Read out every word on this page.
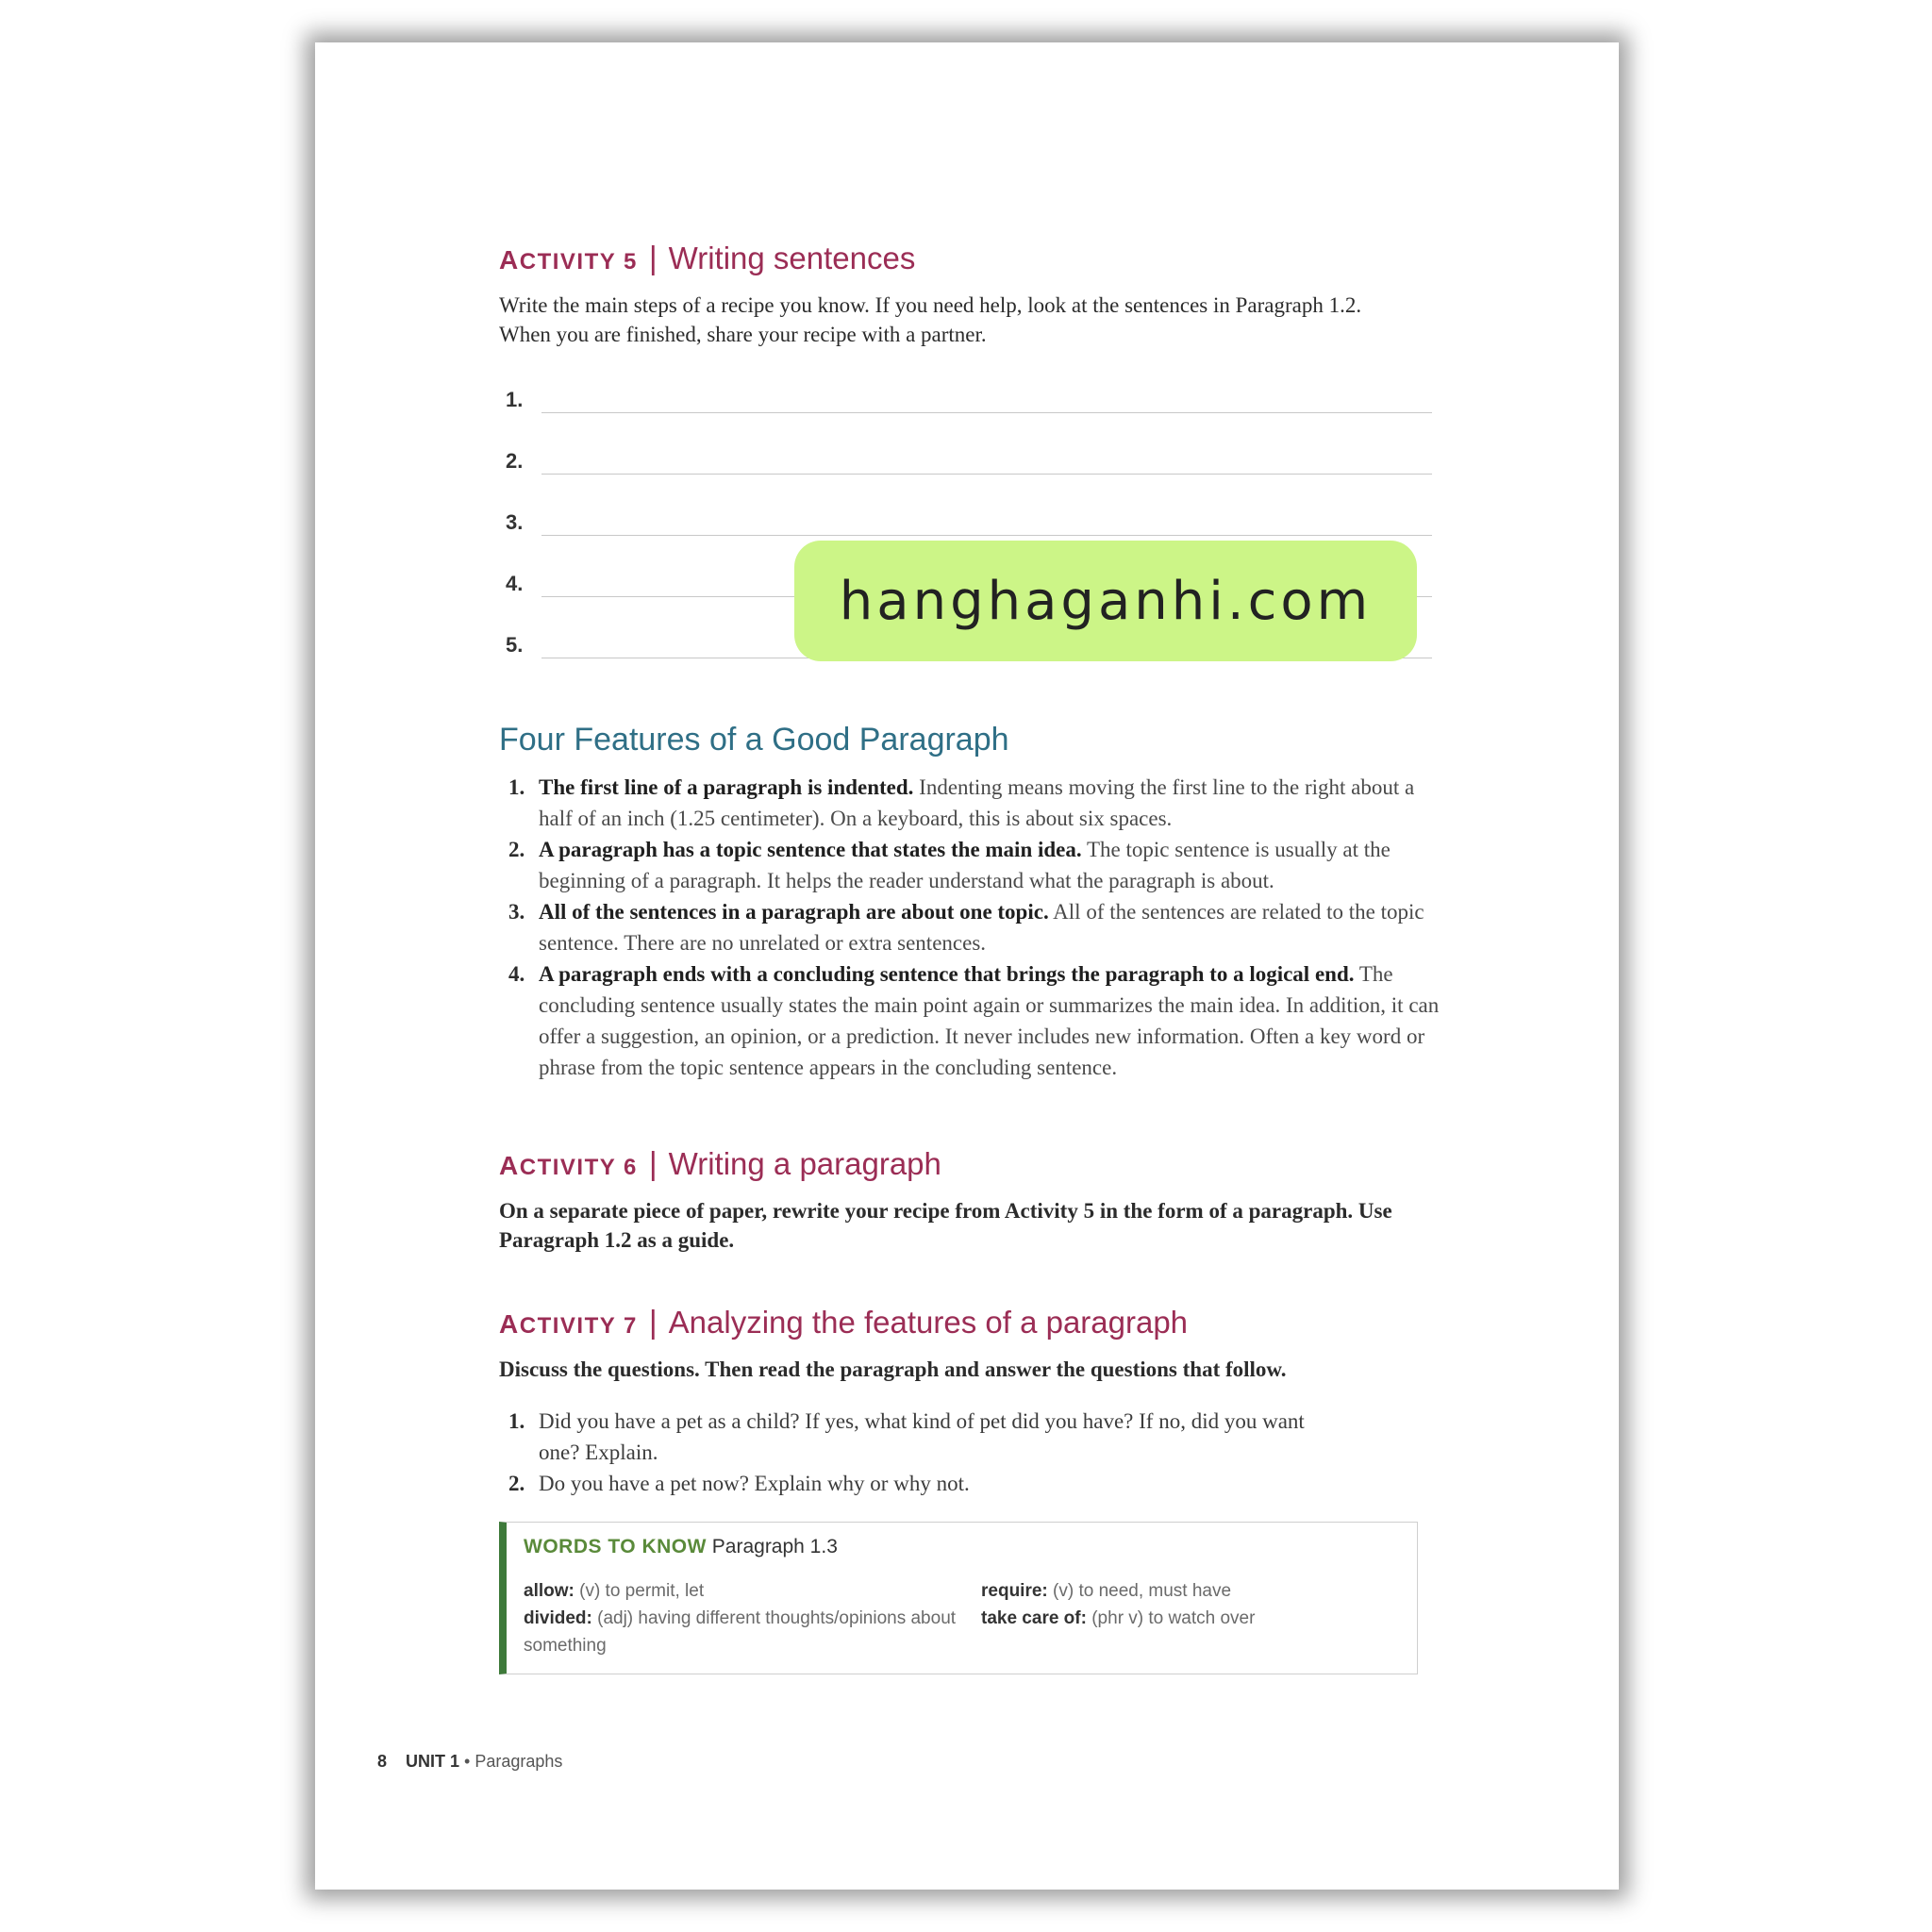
ACTIVITY 5 | Writing sentences
Write the main steps of a recipe you know. If you need help, look at the sentences in Paragraph 1.2. When you are finished, share your recipe with a partner.
1.
2.
3.
4.
5.
Four Features of a Good Paragraph
1. The first line of a paragraph is indented. Indenting means moving the first line to the right about a half of an inch (1.25 centimeter). On a keyboard, this is about six spaces.
2. A paragraph has a topic sentence that states the main idea. The topic sentence is usually at the beginning of a paragraph. It helps the reader understand what the paragraph is about.
3. All of the sentences in a paragraph are about one topic. All of the sentences are related to the topic sentence. There are no unrelated or extra sentences.
4. A paragraph ends with a concluding sentence that brings the paragraph to a logical end. The concluding sentence usually states the main point again or summarizes the main idea. In addition, it can offer a suggestion, an opinion, or a prediction. It never includes new information. Often a key word or phrase from the topic sentence appears in the concluding sentence.
ACTIVITY 6 | Writing a paragraph
On a separate piece of paper, rewrite your recipe from Activity 5 in the form of a paragraph. Use Paragraph 1.2 as a guide.
ACTIVITY 7 | Analyzing the features of a paragraph
Discuss the questions. Then read the paragraph and answer the questions that follow.
1. Did you have a pet as a child? If yes, what kind of pet did you have? If no, did you want one? Explain.
2. Do you have a pet now? Explain why or why not.
WORDS TO KNOW Paragraph 1.3
allow: (v) to permit, let
divided: (adj) having different thoughts/opinions about something
require: (v) to need, must have
take care of: (phr v) to watch over
8 UNIT 1 • Paragraphs
hanghaganhi.com
